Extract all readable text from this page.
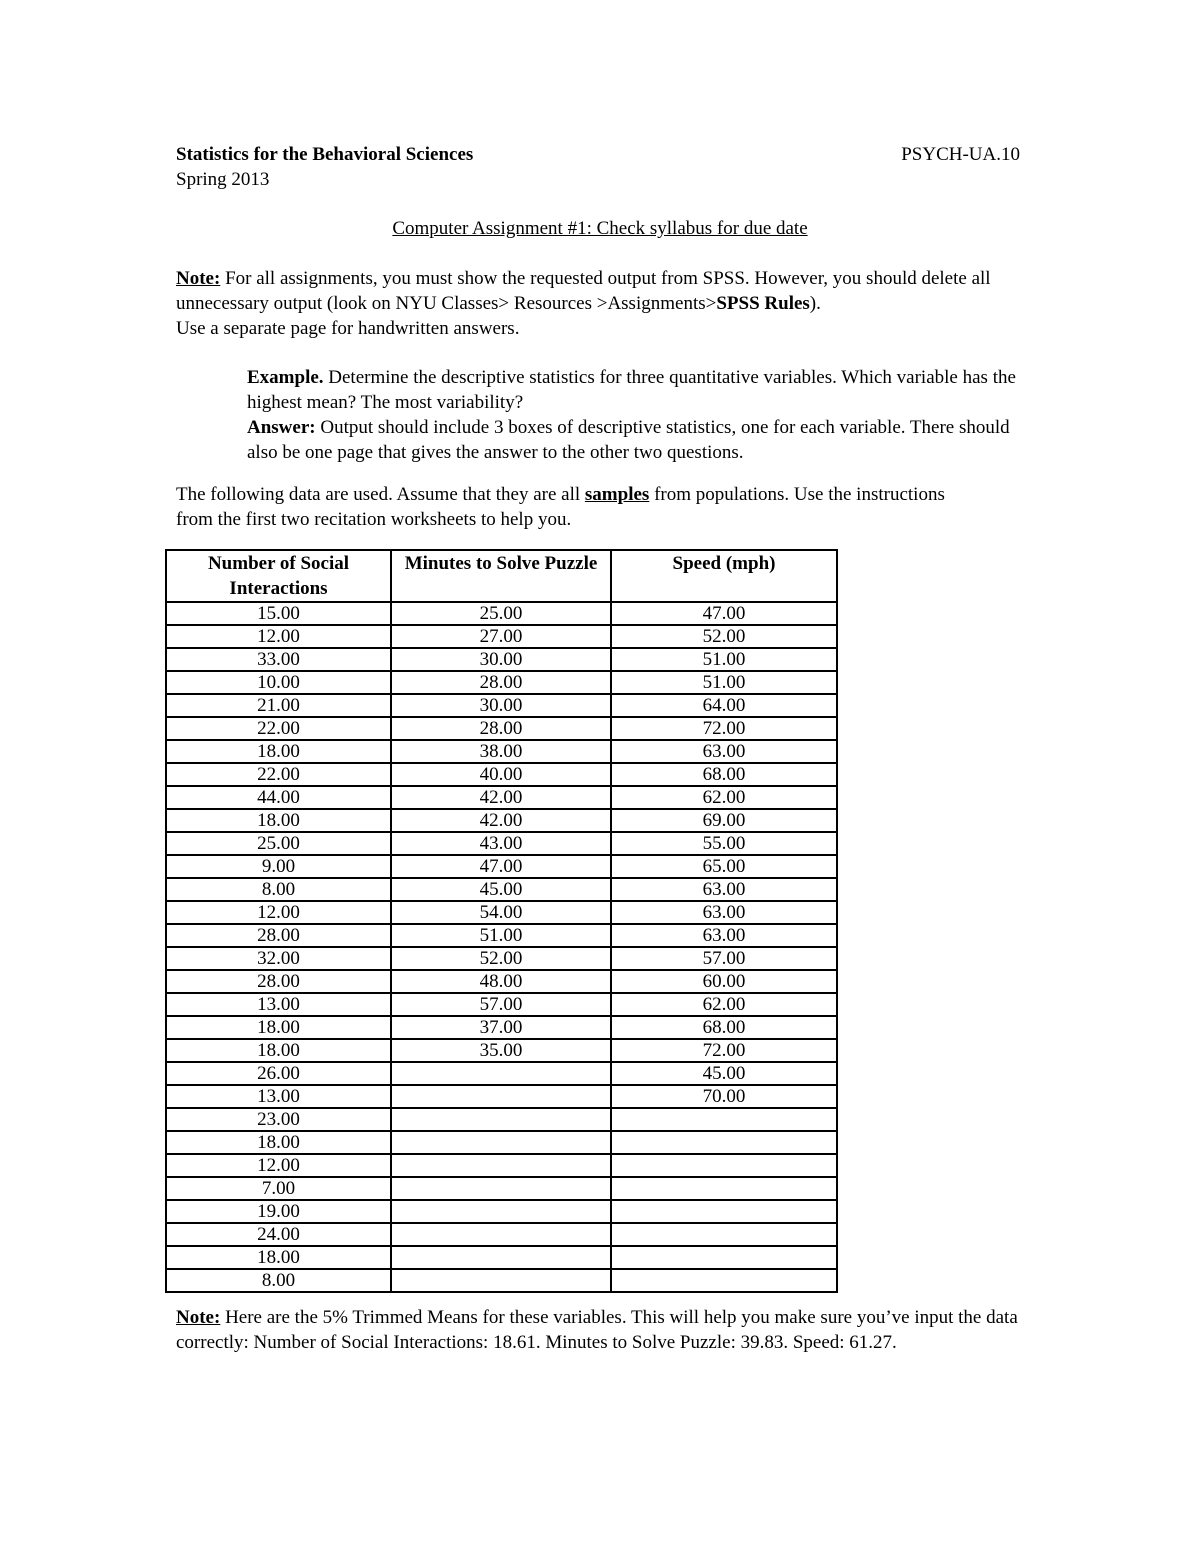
Statistics for the Behavioral Sciences	PSYCH-UA.10
Spring 2013
Computer Assignment #1: Check syllabus for due date
Note: For all assignments, you must show the requested output from SPSS. However, you should delete all unnecessary output (look on NYU Classes> Resources >Assignments>SPSS Rules).
Use a separate page for handwritten answers.
Example. Determine the descriptive statistics for three quantitative variables. Which variable has the highest mean? The most variability?
Answer: Output should include 3 boxes of descriptive statistics, one for each variable. There should also be one page that gives the answer to the other two questions.
The following data are used. Assume that they are all samples from populations. Use the instructions from the first two recitation worksheets to help you.
Number of Social Interactions	Minutes to Solve Puzzle	Speed (mph)
15.00	25.00	47.00
12.00	27.00	52.00
33.00	30.00	51.00
10.00	28.00	51.00
21.00	30.00	64.00
22.00	28.00	72.00
18.00	38.00	63.00
22.00	40.00	68.00
44.00	42.00	62.00
18.00	42.00	69.00
25.00	43.00	55.00
9.00	47.00	65.00
8.00	45.00	63.00
12.00	54.00	63.00
28.00	51.00	63.00
32.00	52.00	57.00
28.00	48.00	60.00
13.00	57.00	62.00
18.00	37.00	68.00
18.00	35.00	72.00
26.00		45.00
13.00		70.00
23.00		
18.00		
12.00		
7.00		
19.00		
24.00		
18.00		
8.00		
Note: Here are the 5% Trimmed Means for these variables. This will help you make sure you’ve input the data correctly: Number of Social Interactions: 18.61. Minutes to Solve Puzzle: 39.83. Speed: 61.27.
